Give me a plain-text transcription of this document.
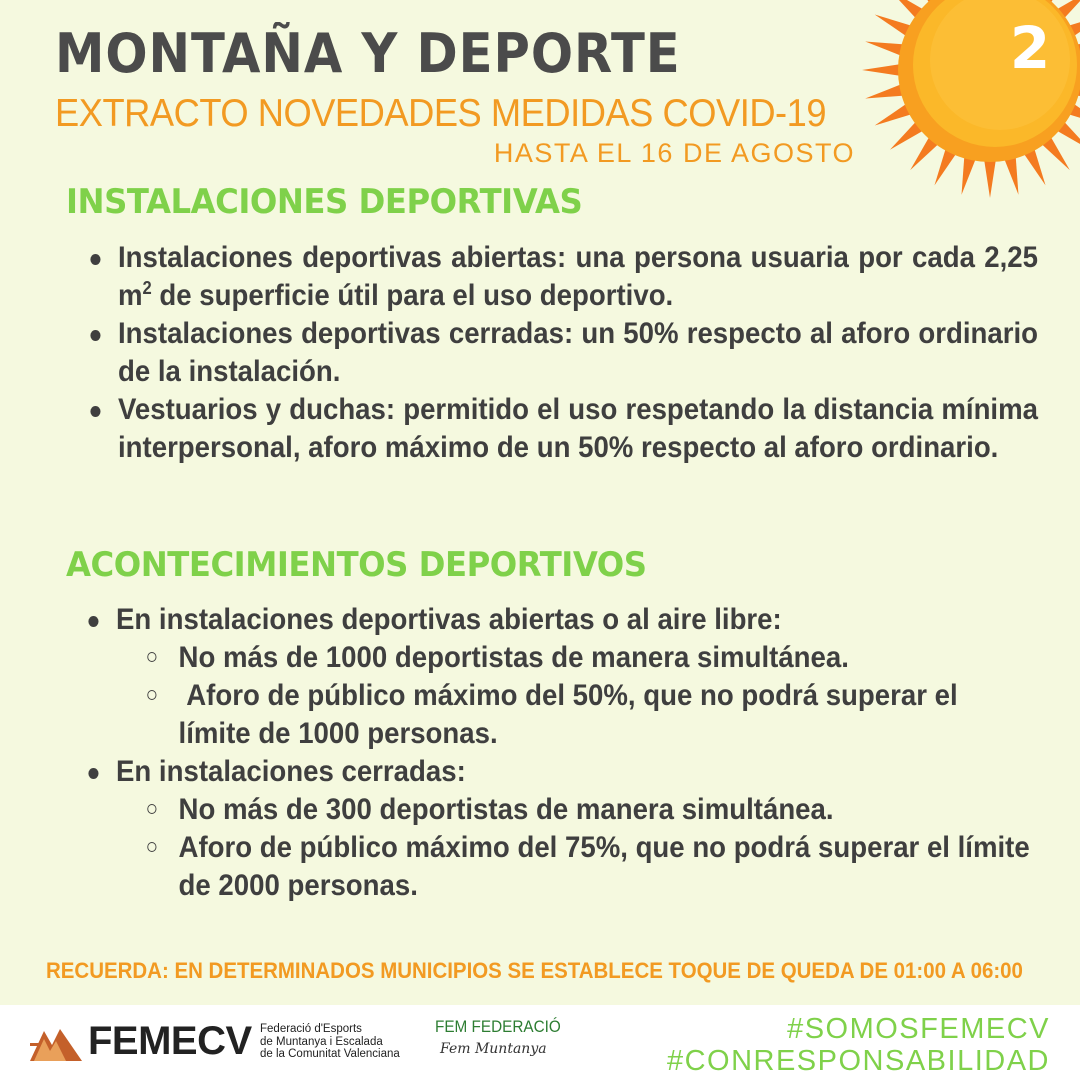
2
MONTAÑA Y DEPORTE
EXTRACTO NOVEDADES MEDIDAS COVID-19
HASTA EL 16 DE AGOSTO
INSTALACIONES DEPORTIVAS
Instalaciones deportivas abiertas: una persona usuaria por cada 2,25 $m^2$ de superficie útil para el uso deportivo.
Instalaciones deportivas cerradas: un 50% respecto al aforo ordinario de la instalación.
Vestuarios y duchas: permitido el uso respetando la distancia mínima interpersonal, aforo máximo de un 50% respecto al aforo ordinario.
ACONTECIMIENTOS DEPORTIVOS
En instalaciones deportivas abiertas o al aire libre:
No más de 1000 deportistas de manera simultánea.
Aforo de público máximo del 50%, que no podrá superar el límite de 1000 personas.
En instalaciones cerradas:
No más de 300 deportistas de manera simultánea.
Aforo de público máximo del 75%, que no podrá superar el límite de 2000 personas.
RECUERDA: EN DETERMINADOS MUNICIPIOS SE ESTABLECE TOQUE DE QUEDA DE 01:00 A 06:00
FEMECV Federació d'Esports
de Muntanya i Escalada
de la Comunitat Valenciana
FEM FEDERACIÓ
Fem Muntanya
#SOMOSFEMECV
#CONRESPONSABILIDAD
